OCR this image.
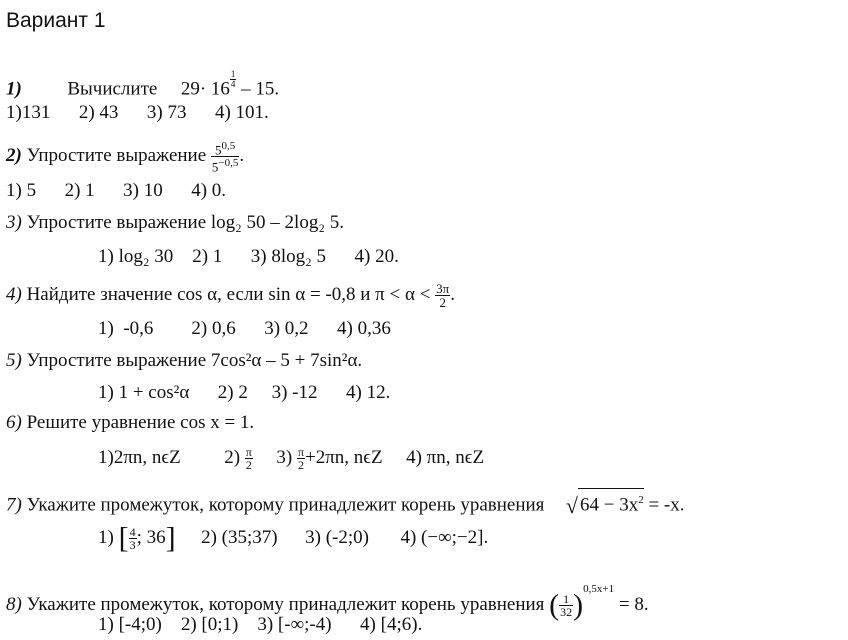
Вариант 1
1) Вычислите $29\cdot 16 \frac{1}{4} - 15$.
1)131      2) 43      3) 73      4) 101.
2) Упростите выражение $\frac{5^{0,5}}{5^{-0,5}}$ .
1) 5      2) 1      3) 10      4) 0.
3) Упростите выражение log₂ 50 – 2log₂ 5.
1) log₂ 30    2) 1      3) 8log₂ 5      4) 20.
4) Найдите значение cos α, если sin α = -0,8 и $\pi < \alpha < \frac{3\pi}{2}$ .
1)  -0,6        2) 0,6      3) 0,2      4) 0,36
5) Упростите выражение 7cos²α – 5 + 7sin²α.
1) 1 + cos²α      2) 2     3) -12      4) 12.
6) Решите уравнение cos x = 1.
1)2πn, nϵZ $2) \frac{\pi}{2} 3) \frac{\pi}{2} +2\pi n$, nϵZ 4) πn, nϵZ
7) Укажите промежуток, которому принадлежит корень уравнения √ $64 - 3x^2 = -x$.
1) [ $\frac{4}{3}$ ; 36] 2) (35;37) 3) (-2;0) 4) (−∞;−2].
8) Укажите промежуток, которому принадлежит корень уравнения ( $\frac{1}{32} )^{0,5x+1} = 8$.
1) [-4;0)    2) [0;1)    3) [-∞;-4)      4) [4;6).
